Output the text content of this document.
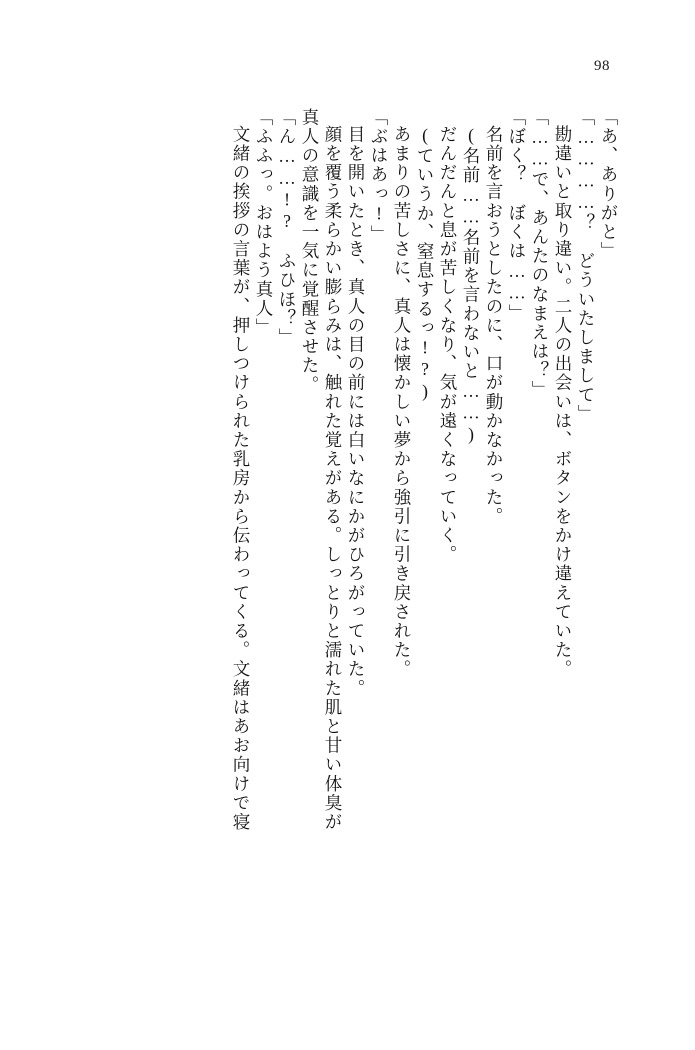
98
「あ、ありがと」
「…………？　どういたしまして」
勘違いと取り違い。二人の出会いは、ボタンをかけ違えていた。
「……で、あんたのなまえは？」
「ぼく？　ぼくは……」
名前を言おうとしたのに、口が動かなかった。
(名前……名前を言わないと……)
だんだんと息が苦しくなり、気が遠くなっていく。
(ていうか、窒息するっ!?)
あまりの苦しさに、真人は懐かしい夢から強引に引き戻された。
「ぶはあっ!」
目を開いたとき、真人の目の前には白いなにかがひろがっていた。
顔を覆う柔らかい膨らみは、触れた覚えがある。しっとりと濡れた肌と甘い体臭が
真人の意識を一気に覚醒させた。
「ん……!?　ふひほ？」
「ふふっ。おはよう真人」
文緒の挨拶の言葉が、押しつけられた乳房から伝わってくる。文緒はあお向けで寝
